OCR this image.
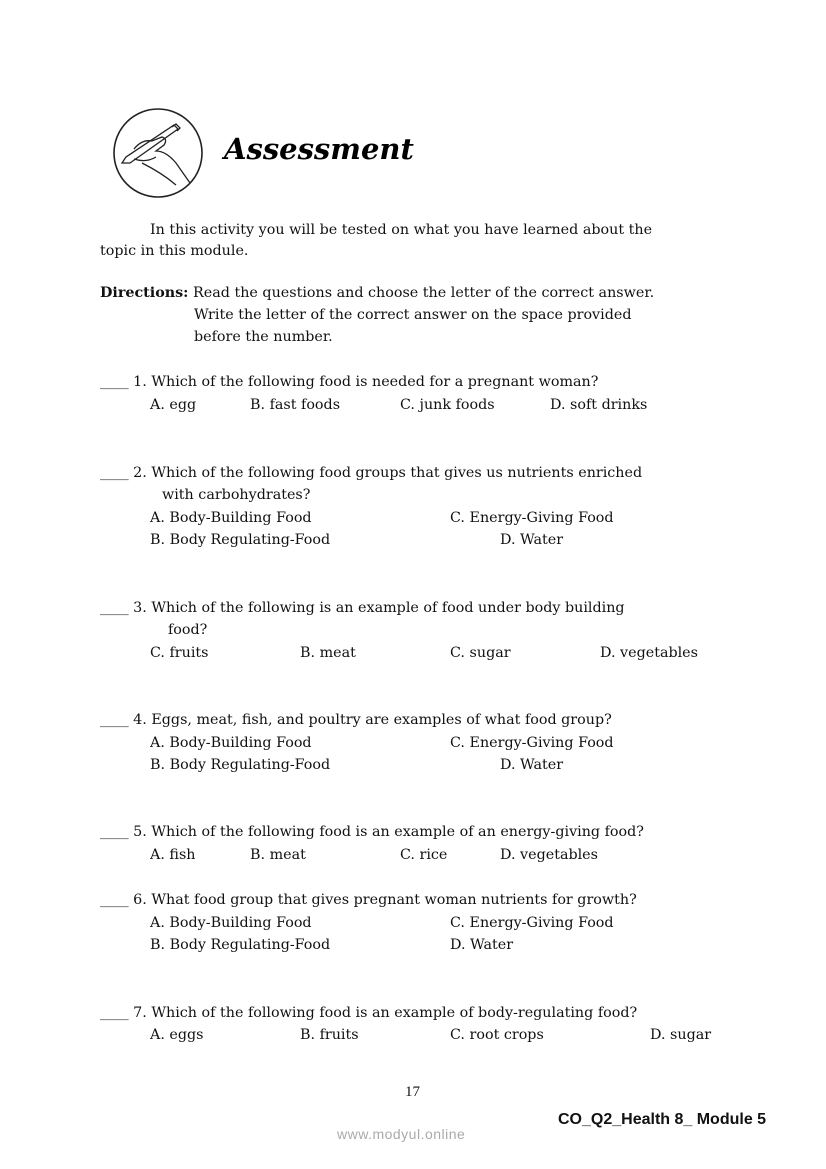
Assessment
In this activity you will be tested on what you have learned about the
topic in this module.
Directions: Read the questions and choose the letter of the correct answer.
Write the letter of the correct answer on the space provided
before the number.
____ 1. Which of the following food is needed for a pregnant woman?
A. egg	B. fast foods	C. junk foods	D. soft drinks
____ 2. Which of the following food groups that gives us nutrients enriched
with carbohydrates?
A. Body-Building Food	C. Energy-Giving Food
B. Body Regulating-Food	D. Water
____ 3. Which of the following is an example of food under body building
food?
C. fruits	B. meat	C. sugar	D. vegetables
____ 4. Eggs, meat, fish, and poultry are examples of what food group?
A. Body-Building Food	C. Energy-Giving Food
B. Body Regulating-Food	D. Water
____ 5. Which of the following food is an example of an energy-giving food?
A. fish	B. meat	C. rice	D. vegetables
____ 6. What food group that gives pregnant woman nutrients for growth?
A. Body-Building Food	C. Energy-Giving Food
B. Body Regulating-Food	D. Water
____ 7. Which of the following food is an example of body-regulating food?
A. eggs	B. fruits	C. root crops	D. sugar
17
CO_Q2_Health 8_ Module 5
www.modyul.online
